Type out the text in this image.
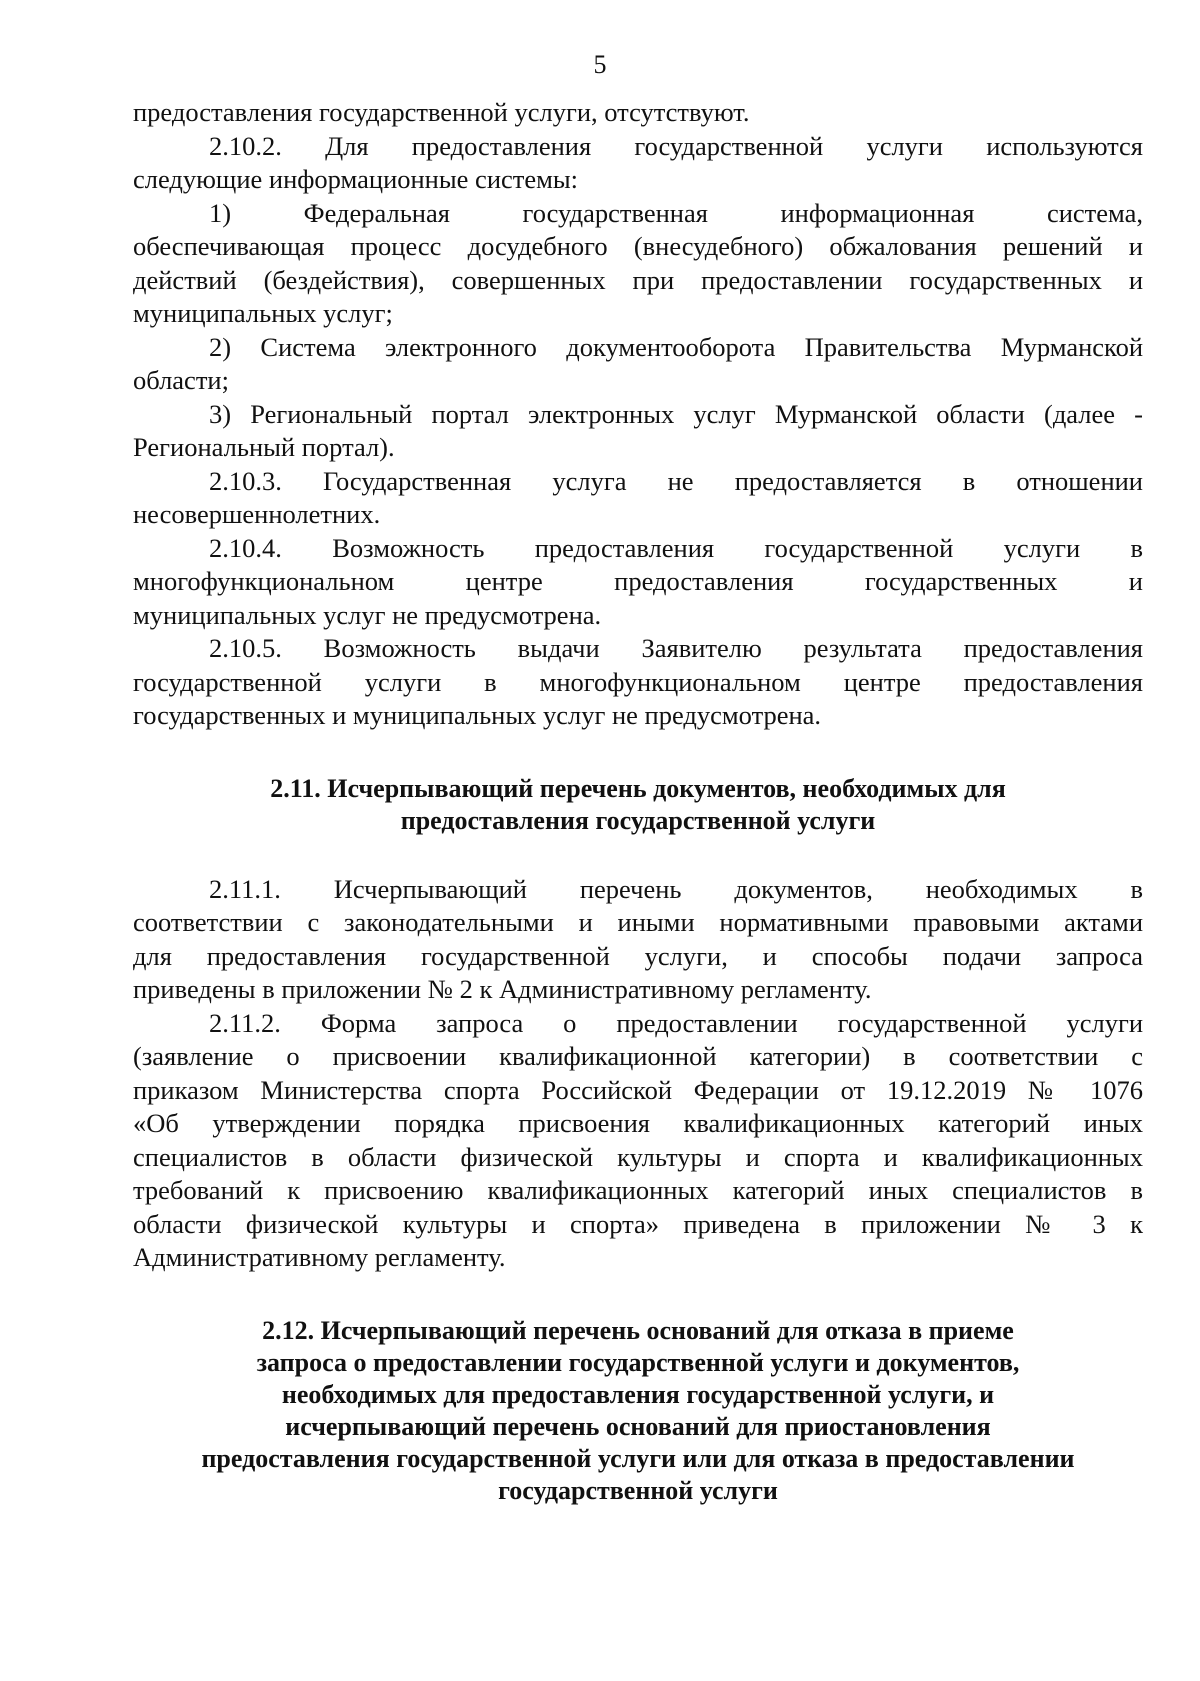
5
предоставления государственной услуги, отсутствуют.
2.10.2. Для предоставления государственной услуги используются
следующие информационные системы:
1) Федеральная государственная информационная система,
обеспечивающая процесс досудебного (внесудебного) обжалования решений и
действий (бездействия), совершенных при предоставлении государственных и
муниципальных услуг;
2) Система электронного документооборота Правительства Мурманской
области;
3) Региональный портал электронных услуг Мурманской области (далее -
Региональный портал).
2.10.3. Государственная услуга не предоставляется в отношении
несовершеннолетних.
2.10.4. Возможность предоставления государственной услуги в
многофункциональном центре предоставления государственных и
муниципальных услуг не предусмотрена.
2.10.5. Возможность выдачи Заявителю результата предоставления
государственной услуги в многофункциональном центре предоставления
государственных и муниципальных услуг не предусмотрена.
2.11. Исчерпывающий перечень документов, необходимых для
предоставления государственной услуги
2.11.1. Исчерпывающий перечень документов, необходимых в
соответствии с законодательными и иными нормативными правовыми актами
для предоставления государственной услуги, и способы подачи запроса
приведены в приложении № 2 к Административному регламенту.
2.11.2. Форма запроса о предоставлении государственной услуги
(заявление о присвоении квалификационной категории) в соответствии с
приказом Министерства спорта Российской Федерации от 19.12.2019 № 1076
«Об утверждении порядка присвоения квалификационных категорий иных
специалистов в области физической культуры и спорта и квалификационных
требований к присвоению квалификационных категорий иных специалистов в
области физической культуры и спорта» приведена в приложении № 3 к
Административному регламенту.
2.12. Исчерпывающий перечень оснований для отказа в приеме
запроса о предоставлении государственной услуги и документов,
необходимых для предоставления государственной услуги, и
исчерпывающий перечень оснований для приостановления
предоставления государственной услуги или для отказа в предоставлении
государственной услуги
